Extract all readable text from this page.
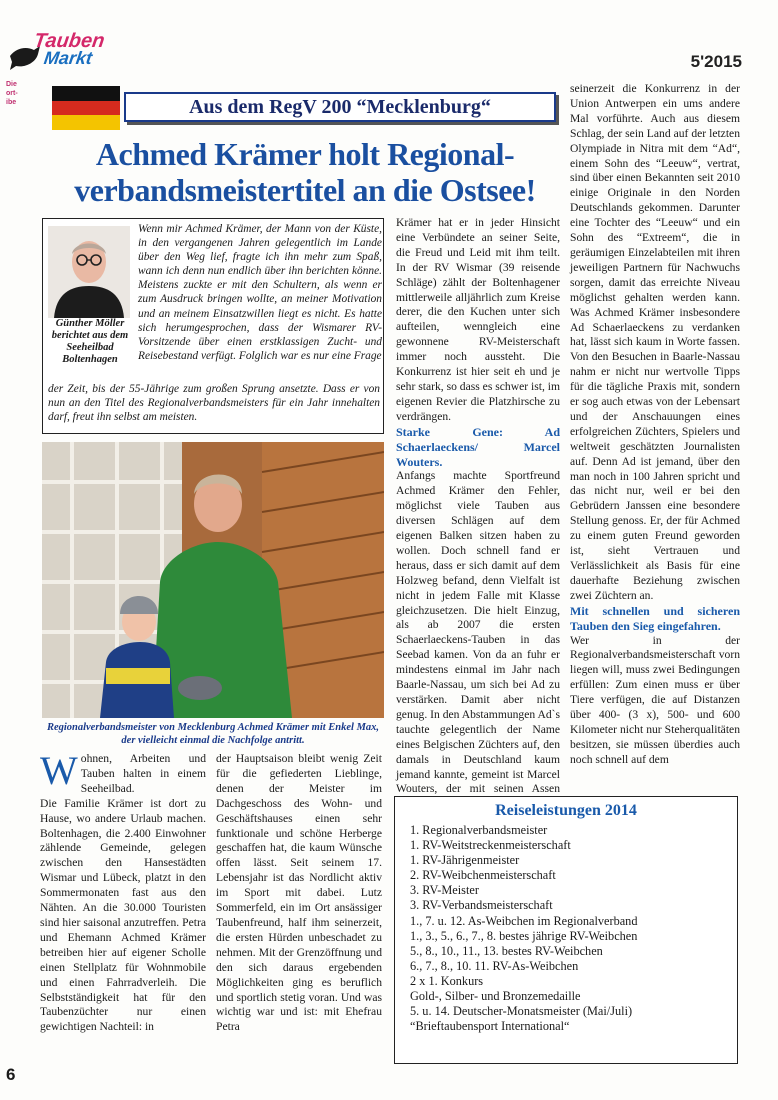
Tauben
Markt
Die ort- ibe
5'2015
Aus dem RegV 200 “Mecklenburg“
Achmed Krämer holt Regional-verbandsmeistertitel an die Ostsee!
Günther Möller berichtet aus dem Seeheilbad Boltenhagen
Wenn mir Achmed Krämer, der Mann von der Küste, in den vergangenen Jahren gelegentlich im Lande über den Weg lief, fragte ich ihn mehr zum Spaß, wann ich denn nun endlich über ihn berichten könne. Meistens zuckte er mit den Schultern, als wenn er zum Ausdruck bringen wollte, an meiner Motivation und an meinem Einsatzwillen liegt es nicht. Es hatte sich herumgesprochen, dass der Wismarer RV-Vorsitzende über einen erstklassigen Zucht- und Reisebestand verfügt. Folglich war es nur eine Frage
der Zeit, bis der 55-Jährige zum großen Sprung ansetzte. Dass er von nun an den Titel des Regionalverbandsmeisters für ein Jahr innehalten darf, freut ihn selbst am meisten.
Regionalverbandsmeister von Mecklenburg Achmed Krämer mit Enkel Max, der vielleicht einmal die Nachfolge antritt.
W ohnen, Arbeiten und Tauben halten in einem Seeheilbad.

Die Familie Krämer ist dort zu Hause, wo andere Urlaub machen. Boltenhagen, die 2.400 Einwohner zählende Gemeinde, gelegen zwischen den Hansestädten Wismar und Lübeck, platzt in den Sommermonaten fast aus den Nähten. An die 30.000 Touristen sind hier saisonal anzutreffen. Petra und Ehemann Achmed Krämer betreiben hier auf eigener Scholle einen Stellplatz für Wohnmobile und einen Fahrradverleih. Die Selbstständigkeit hat für den Taubenzüchter nur einen gewichtigen Nachteil: in

der Hauptsaison bleibt wenig Zeit für die gefiederten Lieblinge, denen der Meister im Dachgeschoss des Wohn- und Geschäftshauses einen sehr funktionale und schöne Herberge geschaffen hat, die kaum Wünsche offen lässt. Seit seinem 17. Lebensjahr ist das Nordlicht aktiv im Sport mit dabei. Lutz Sommerfeld, ein im Ort ansässiger Taubenfreund, half ihm seinerzeit, die ersten Hürden unbeschadet zu nehmen. Mit der Grenzöffnung und den sich daraus ergebenden Möglichkeiten ging es beruflich und sportlich stetig voran. Und was wichtig war und ist: mit Ehefrau Petra

Krämer hat er in jeder Hinsicht eine Verbündete an seiner Seite, die Freud und Leid mit ihm teilt. In der RV Wismar (39 reisende Schläge) zählt der Boltenhagener mittlerweile alljährlich zum Kreise derer, die den Kuchen unter sich aufteilen, wenngleich eine gewonnene RV-Meisterschaft immer noch aussteht. Die Konkurrenz ist hier seit eh und je sehr stark, so dass es schwer ist, im eigenen Revier die Platzhirsche zu verdrängen.

Starke Gene: Ad Schaerlaeckens/ Marcel Wouters.

Anfangs machte Sportfreund Achmed Krämer den Fehler, möglichst viele Tauben aus diversen Schlägen auf dem eigenen Balken sitzen haben zu wollen. Doch schnell fand er heraus, dass er sich damit auf dem Holzweg befand, denn Vielfalt ist nicht in jedem Falle mit Klasse gleichzusetzen. Die hielt Einzug, als ab 2007 die ersten Schaerlaeckens-Tauben in das Seebad kamen. Von da an fuhr er mindestens einmal im Jahr nach Baarle-Nassau, um sich bei Ad zu verstärken. Damit aber nicht genug. In den Abstammungen Ad`s tauchte gelegentlich der Name eines Belgischen Züchters auf, den damals in Deutschland kaum jemand kannte, gemeint ist Marcel Wouters, der mit seinen Assen

seinerzeit die Konkurrenz in der Union Antwerpen ein ums andere Mal vorführte. Auch aus diesem Schlag, der sein Land auf der letzten Olympiade in Nitra mit dem “Ad“, einem Sohn des “Leeuw“, vertrat, sind über einen Bekannten seit 2010 einige Originale in den Norden Deutschlands gekommen. Darunter eine Tochter des “Leeuw“ und ein Sohn des “Extreem“, die in geräumigen Einzelabteilen mit ihren jeweiligen Partnern für Nachwuchs sorgen, damit das erreichte Niveau möglichst gehalten werden kann. Was Achmed Krämer insbesondere Ad Schaerlaeckens zu verdanken hat, lässt sich kaum in Worte fassen. Von den Besuchen in Baarle-Nassau nahm er nicht nur wertvolle Tipps für die tägliche Praxis mit, sondern er sog auch etwas von der Lebensart und der Anschauungen eines erfolgreichen Züchters, Spielers und weltweit geschätzten Journalisten auf. Denn Ad ist jemand, über den man noch in 100 Jahren spricht und das nicht nur, weil er bei den Gebrüdern Janssen eine besondere Stellung genoss. Er, der für Achmed zu einem guten Freund geworden ist, sieht Vertrauen und Verlässlichkeit als Basis für eine dauerhafte Beziehung zwischen zwei Züchtern an.

Mit schnellen und sicheren Tauben den Sieg eingefahren.

Wer in der Regionalverbandsmeisterschaft vorn liegen will, muss zwei Bedingungen erfüllen: Zum einen muss er über Tiere verfügen, die auf Distanzen über 400- (3 x), 500- und 600 Kilometer nicht nur Steherqualitäten besitzen, sie müssen überdies auch noch schnell auf dem

Reiseleistungen 2014
1. Regionalverbandsmeister
1. RV-Weitstreckenmeisterschaft
1. RV-Jährigenmeister
2. RV-Weibchenmeisterschaft
3. RV-Meister
3. RV-Verbandsmeisterschaft
1., 7. u. 12. As-Weibchen im Regionalverband
1., 3., 5., 6., 7., 8. bestes jährige RV-Weibchen
5., 8., 10., 11., 13. bestes RV-Weibchen
6., 7., 8., 10. 11. RV-As-Weibchen
2 x 1. Konkurs
Gold-, Silber- und Bronzemedaille
5. u. 14. Deutscher-Monatsmeister (Mai/Juli)
“Brieftaubensport International“
6
